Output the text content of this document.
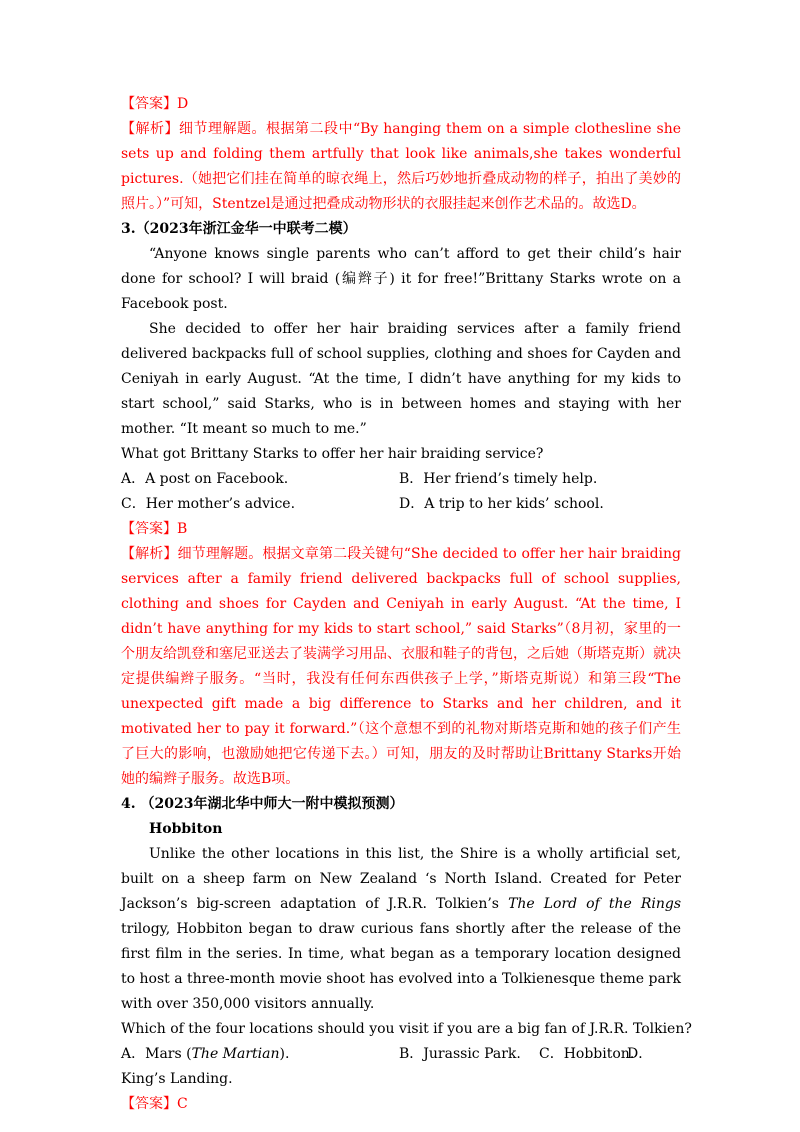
【答案】D

【解析】细节理解题。根据第二段中“By hanging them on a simple clothesline she sets up and folding them artfully that look like animals,she takes wonderful pictures.（她把它们挂在简单的晾衣绳上，然后巧妙地折叠成动物的样子，拍出了美妙的照片。）”可知，Stentzel是通过把叠成动物形状的衣服挂起来创作艺术品的。故选D。

3.（2023年浙江金华一中联考二模）

“Anyone knows single parents who can’t afford to get their child’s hair done for school? I will braid (编辫子) it for free!”Brittany Starks wrote on a Facebook post.

She decided to offer her hair braiding services after a family friend delivered backpacks full of school supplies, clothing and shoes for Cayden and Ceniyah in early August. “At the time, I didn’t have anything for my kids to start school,” said Starks, who is in between homes and staying with her mother. “It meant so much to me.”

What got Brittany Starks to offer her hair braiding service?
A．A post on Facebook.	B．Her friend’s timely help.
C．Her mother’s advice.	D．A trip to her kids’ school.
【答案】B

【解析】细节理解题。根据文章第二段关键句“She decided to offer her hair braiding services after a family friend delivered backpacks full of school supplies, clothing and shoes for Cayden and Ceniyah in early August. “At the time, I didn’t have anything for my kids to start school,” said Starks”（8月初，家里的一个朋友给凯登和塞尼亚送去了装满学习用品、衣服和鞋子的背包，之后她（斯塔克斯）就决定提供编辫子服务。“当时，我没有任何东西供孩子上学，”斯塔克斯说）和第三段“The unexpected gift made a big difference to Starks and her children, and it motivated her to pay it forward.”（这个意想不到的礼物对斯塔克斯和她的孩子们产生了巨大的影响，也激励她把它传递下去。）可知，朋友的及时帮助让Brittany Starks开始她的编辫子服务。故选B项。

4. （2023年湖北华中师大一附中模拟预测）
Hobbiton

Unlike the other locations in this list, the Shire is a wholly artificial set, built on a sheep farm on New Zealand ‘s North Island. Created for Peter Jackson’s big-screen adaptation of J.R.R. Tolkien’s The Lord of the Rings trilogy, Hobbiton began to draw curious fans shortly after the release of the first film in the series. In time, what began as a temporary location designed to host a three-month movie shoot has evolved into a Tolkienesque theme park with over 350,000 visitors annually.

Which of the four locations should you visit if you are a big fan of J.R.R. Tolkien?
A．Mars (The Martian).	B．Jurassic Park.	C．Hobbiton.
D．
King’s Landing.
【答案】C
